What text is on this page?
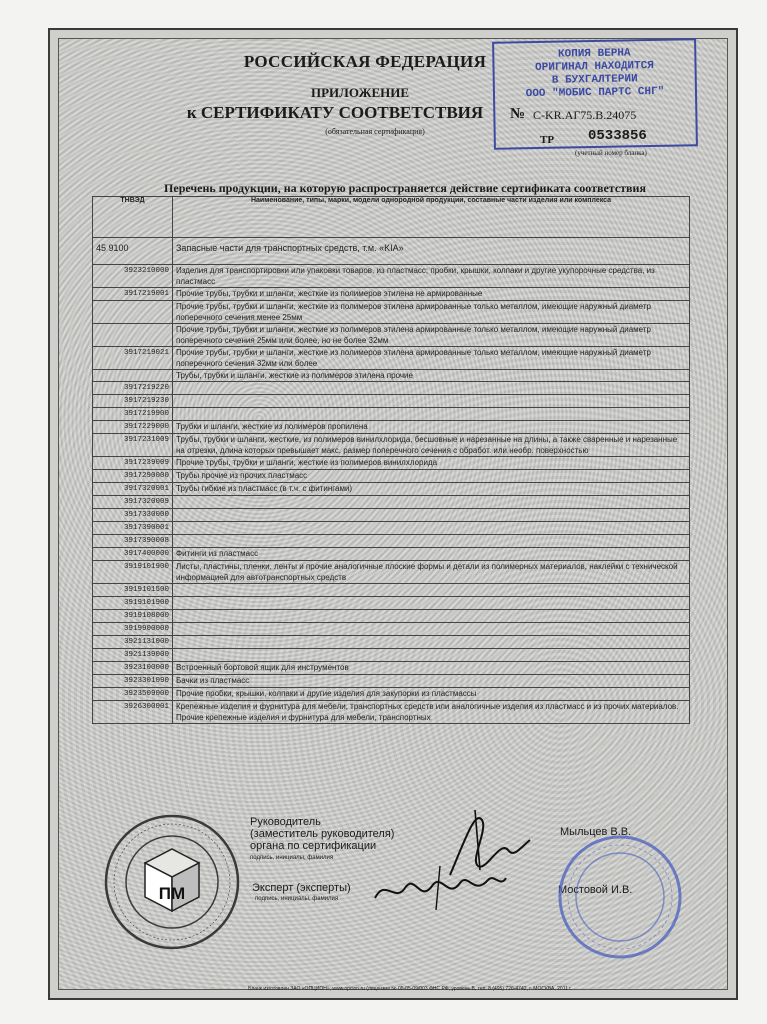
РОССИЙСКАЯ ФЕДЕРАЦИЯ
ПРИЛОЖЕНИЕ
к СЕРТИФИКАТУ СООТВЕТСТВИЯ
(обязательная сертификация)
№ С-KR.АГ75.В.24075
ТР 0533856
(учетный номер бланка)
КОПИЯ ВЕРНА
ОРИГИНАЛ НАХОДИТСЯ
В БУХГАЛТЕРИИ
ООО "МОБИС ПАРТС СНГ"
Перечень продукции, на которую распространяется действие сертификата соответствия
ТНВЭД	Наименование, типы, марки, модели однородной продукции, составные части изделия или комплекса
45 9100	Запасные части для транспортных средств, т.м. «KIA»
3923210000	Изделия для транспортировки или упаковки товаров, из пластмасс; пробки, крышки, колпаки и другие укупорочные средства, из пластмасс
3917219001	Прочие трубы, трубки и шланги, жесткие из полимеров этилена не армированные
	Прочие трубы, трубки и шланги, жесткие из полимеров этилена армированные только металлом, имеющие наружный диаметр поперечного сечения менее 25мм
	Прочие трубы, трубки и шланги, жесткие из полимеров этилена армированные только металлом, имеющие наружный диаметр поперечного сечения 25мм или более, но не более 32мм
3917219021	Прочие трубы, трубки и шланги, жесткие из полимеров этилена армированные только металлом, имеющие наружный диаметр поперечного сечения 32мм или более
	Трубы, трубки и шланги, жесткие из полимеров этилена прочие
3917219220	
3917219230	
3917219900	
3917229000	Трубки и шланги, жесткие из полимеров пропилена
3917231009	Трубы, трубки и шланги, жесткие, из полимеров винилхлорида, бесшовные и нарезанные на длины, а также сваренные и нарезанные на отрезки, длина которых превышает макс. размер поперечного сечения с обработ. или необр. поверхностью
3917239009	Прочие трубы, трубки и шланги, жесткие из полимеров винилхлорида
3917290000	Трубы прочие из прочих пластмасс
3917320001	Трубы гибкие из пластмасс (в т.ч. с фитингами)
3917320009	
3917330000	
3917390001	
3917390008	
3917400000	Фитинги из пластмасс
3919101900	Листы, пластины, пленки, ленты и прочие аналогичные плоские формы и детали из полимерных материалов, наклейки с технической информацией для автотранспортных средств
3919101500	
3919101900	
3919108000	
3919900000	
3921131000	
3921139000	
3923100000	Встроенный бортовой ящик для инструментов
3923301090	Бачки из пластмасс
3923509000	Прочие пробки, крышки, колпаки и другие изделия для закупорки из пластмассы
3926300001	Крепежные изделия и фурнитура для мебели, транспортных средств или аналогичные изделия из пластмасс и из прочих материалов. Прочие крепежные изделия и фурнитура для мебели, транспортных
Руководитель
(заместитель руководителя)
органа по сертификации
подпись, инициалы, фамилия
Мыльцев В.В.
Эксперт (эксперты)
подпись, инициалы, фамилия
Мостовой И.В.
Бланк изготовлен ЗАО «ОПЦИОН», www.opcion.ru (лицензия № 05-05-09/003 ФНС РФ, уровень В, тел. 8 (495) 726-4742, г. МОСКВА, 2011 г.
ПМ
